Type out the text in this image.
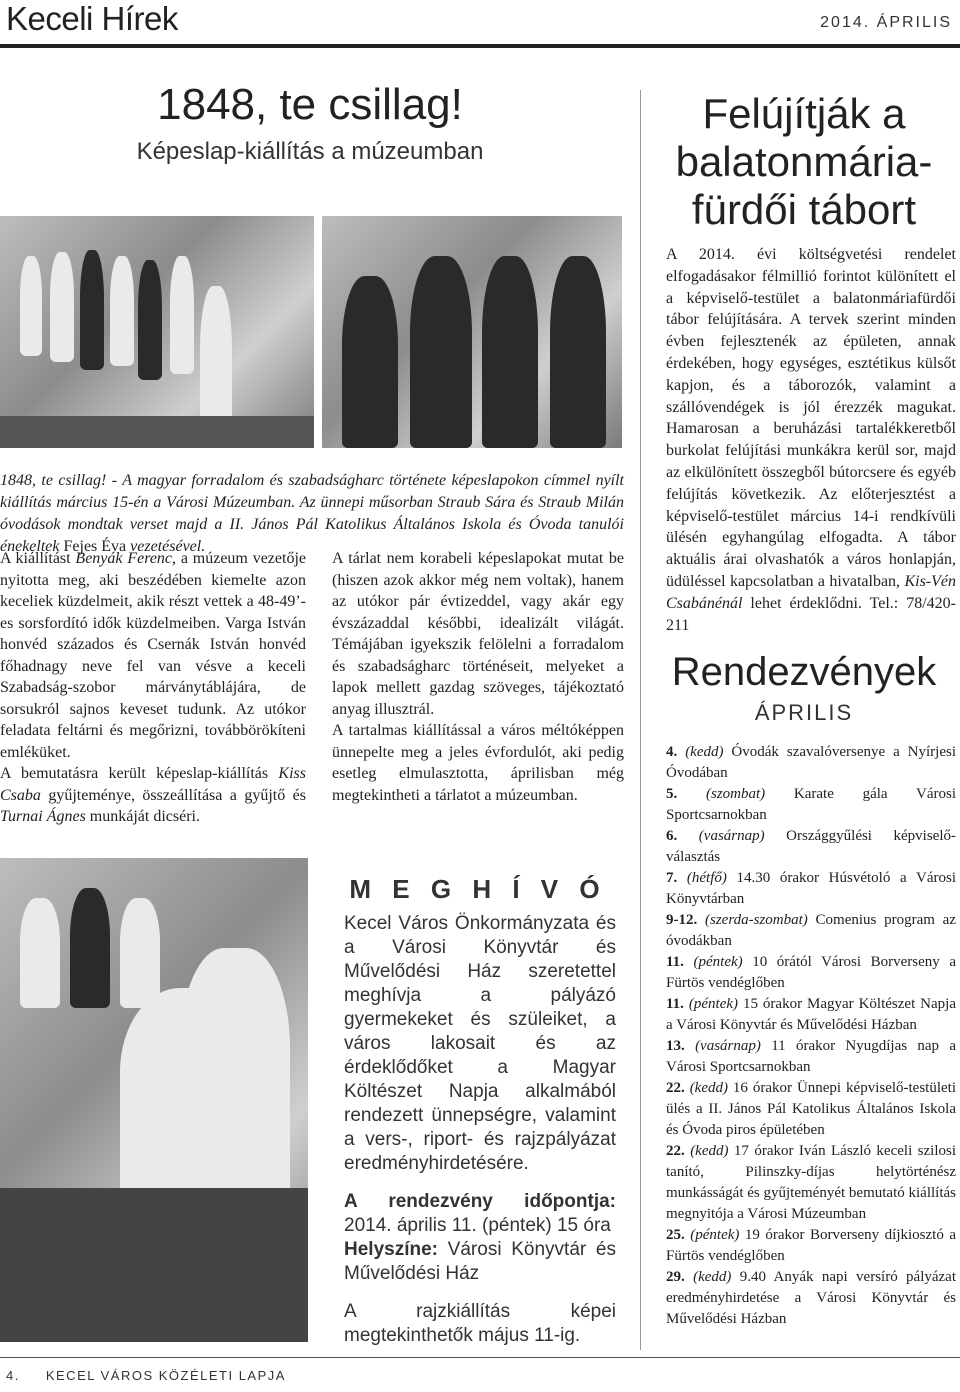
Keceli Hírek	2014. ÁPRILIS
1848, te csillag!
Képeslap-kiállítás a múzeumban
1848, te csillag! - A magyar forradalom és szabadságharc története képeslapokon címmel nyílt kiállítás március 15-én a Városi Múzeumban. Az ünnepi műsorban Straub Sára és Straub Milán óvodások mondtak verset majd a II. János Pál Katolikus Általános Iskola és Óvoda tanulói énekeltek Fejes Éva vezetésével.

A kiállítást Benyák Ferenc, a múzeum vezetője nyitotta meg, aki beszédében kiemelte azon keceliek küzdelmeit, akik részt vettek a 48-49’-es sorsfordító idők küzdelmeiben. Varga István honvéd százados és Csernák István honvéd főhadnagy neve fel van vésve a keceli Szabadság-szobor márványtáblájára, de sorsukról sajnos keveset tudunk. Az utókor feladata feltárni és megőrizni, továbbörökíteni emléküket.

A bemutatásra került képeslap-kiállítás Kiss Csaba gyűjteménye, összeállítása a gyűjtő és Turnai Ágnes munkáját dicséri.

A tárlat nem korabeli képeslapokat mutat be (hiszen azok akkor még nem voltak), hanem az utókor pár évtizeddel, vagy akár egy évszázaddal későbbi, idealizált világát. Témájában igyekszik felölelni a forradalom és szabadságharc történéseit, melyeket a lapok mellett gazdag szöveges, tájékoztató anyag illusztrál.

A tartalmas kiállítással a város méltóképpen ünnepelte meg a jeles évfordulót, aki pedig esetleg elmulasztotta, áprilisban még megtekintheti a tárlatot a múzeumban.

M E G H Í V Ó

Kecel Város Önkormányzata és a Városi Könyvtár és Művelődési Ház szeretettel meghívja a pályázó gyermekeket és szüleiket, a város lakosait és az érdeklődőket a Magyar Költészet Napja alkalmából rendezett ünnepségre, valamint a vers-, riport- és rajzpályázat eredményhirdetésére.

A rendezvény időpontja: 2014. április 11. (péntek) 15 óra

Helyszíne: Városi Könyvtár és Művelődési Ház

A rajzkiállítás képei megtekinthetők május 11-ig.

Felújítják a balatonmária-fürdői tábort

A 2014. évi költségvetési rendelet elfogadásakor félmillió forintot különített el a képviselő-testület a balatonmáriafürdői tábor felújítására. A tervek szerint minden évben fejlesztenék az épületen, annak érdekében, hogy egységes, esztétikus külsőt kapjon, és a táborozók, valamint a szállóvendégek is jól érezzék magukat. Hamarosan a beruházási tartalékkeretből burkolat felújítási munkákra kerül sor, majd az elkülönített összegből bútorcsere és egyéb felújítás következik. Az előterjesztést a képviselő-testület március 14-i rendkívüli ülésén egyhangúlag elfogadta. A tábor aktuális árai olvashatók a város honlapján, üdüléssel kapcsolatban a hivatalban, Kis-Vén Csabánénál lehet érdeklődni. Tel.: 78/420-211

Rendezvények
ÁPRILIS
4. (kedd) Óvodák szavalóversenye a Nyírjesi Óvodában
5. (szombat) Karate gála Városi Sportcsarnokban
6. (vasárnap) Országgyűlési képviselő-választás
7. (hétfő) 14.30 órakor Húsvétoló a Városi Könyvtárban
9-12. (szerda-szombat) Comenius program az óvodákban
11. (péntek) 10 órától Városi Borverseny a Fürtös vendéglőben
11. (péntek) 15 órakor Magyar Költészet Napja a Városi Könyvtár és Művelődési Házban
13. (vasárnap) 11 órakor Nyugdíjas nap a Városi Sportcsarnokban
22. (kedd) 16 órakor Ünnepi képviselő-testületi ülés a II. János Pál Katolikus Általános Iskola és Óvoda piros épületében
22. (kedd) 17 órakor Iván László keceli szilosi tanító, Pilinszky-díjas helytörténész munkásságát és gyűjteményét bemutató kiállítás megnyitója a Városi Múzeumban
25. (péntek) 19 órakor Borverseny díjkiosztó a Fürtös vendéglőben
29. (kedd) 9.40 Anyák napi versíró pályázat eredményhirdetése a Városi Könyvtár és Művelődési Házban
4. KECEL VÁROS KÖZÉLETI LAPJA
